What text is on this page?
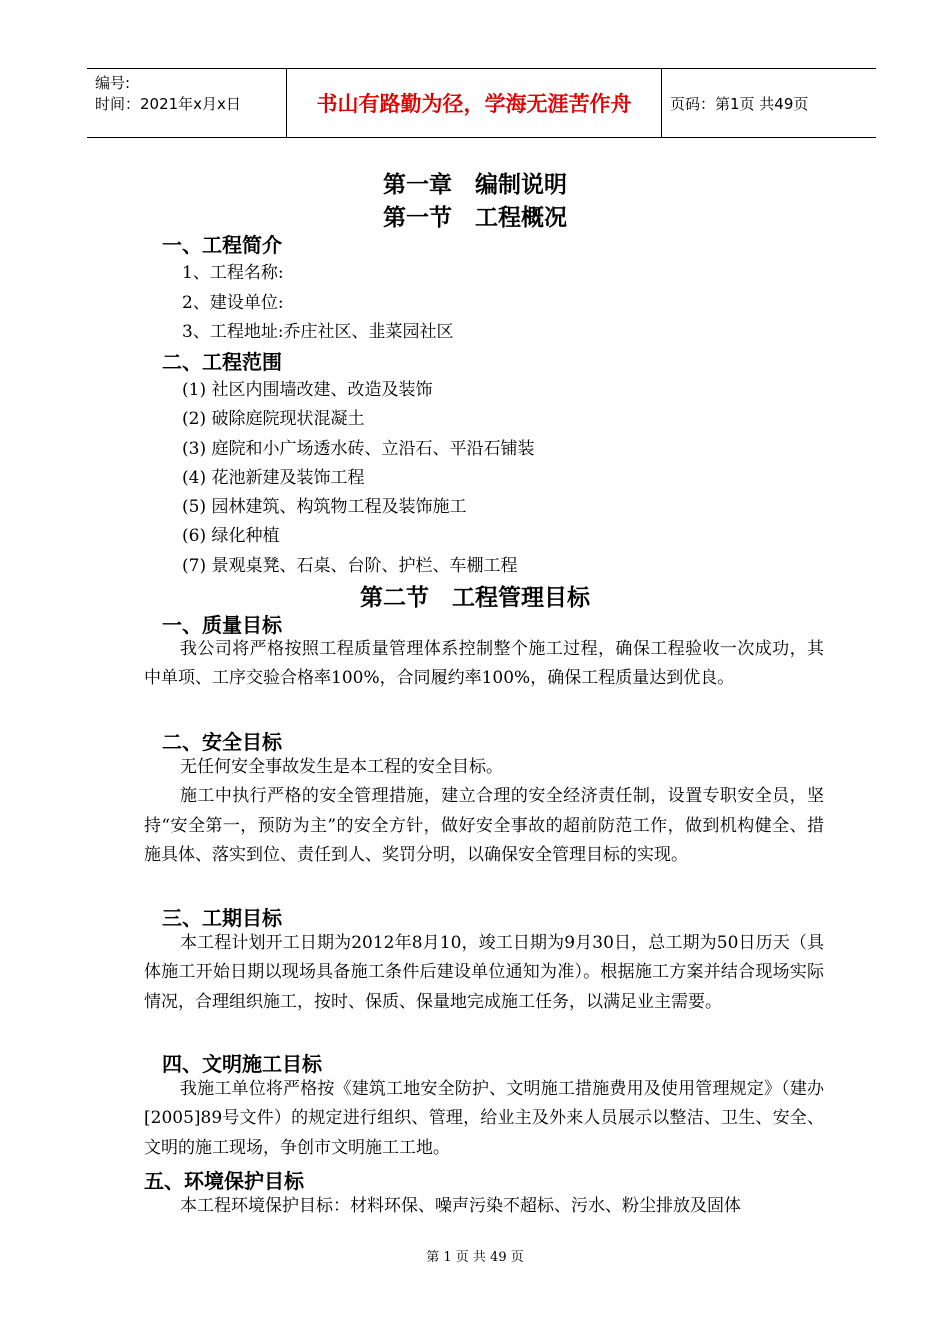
编号:
时间：2021年x月x日	书山有路勤为径，学海无涯苦作舟	页码：第1页 共49页
第一章　编制说明
第一节　工程概况
一、工程简介
1、工程名称:
2、建设单位:
3、工程地址:乔庄社区、韭菜园社区
二、工程范围
(1) 社区内围墙改建、改造及装饰
(2) 破除庭院现状混凝土
(3) 庭院和小广场透水砖、立沿石、平沿石铺装
(4) 花池新建及装饰工程
(5) 园林建筑、构筑物工程及装饰施工
(6) 绿化种植
(7) 景观桌凳、石桌、台阶、护栏、车棚工程
第二节　工程管理目标
一、质量目标

我公司将严格按照工程质量管理体系控制整个施工过程，确保工程验收一次成功，其中单项、工序交验合格率100%，合同履约率100%，确保工程质量达到优良。

二、安全目标

无任何安全事故发生是本工程的安全目标。

施工中执行严格的安全管理措施，建立合理的安全经济责任制，设置专职安全员，坚持“安全第一，预防为主”的安全方针，做好安全事故的超前防范工作，做到机构健全、措施具体、落实到位、责任到人、奖罚分明，以确保安全管理目标的实现。

三、工期目标

本工程计划开工日期为2012年8月10，竣工日期为9月30日，总工期为50日历天（具体施工开始日期以现场具备施工条件后建设单位通知为准）。根据施工方案并结合现场实际情况，合理组织施工，按时、保质、保量地完成施工任务，以满足业主需要。

四、文明施工目标

我施工单位将严格按《建筑工地安全防护、文明施工措施费用及使用管理规定》（建办[2005]89号文件）的规定进行组织、管理，给业主及外来人员展示以整洁、卫生、安全、文明的施工现场，争创市文明施工工地。

五、环境保护目标

本工程环境保护目标：材料环保、噪声污染不超标、污水、粉尘排放及固体

第 1 页 共 49 页
